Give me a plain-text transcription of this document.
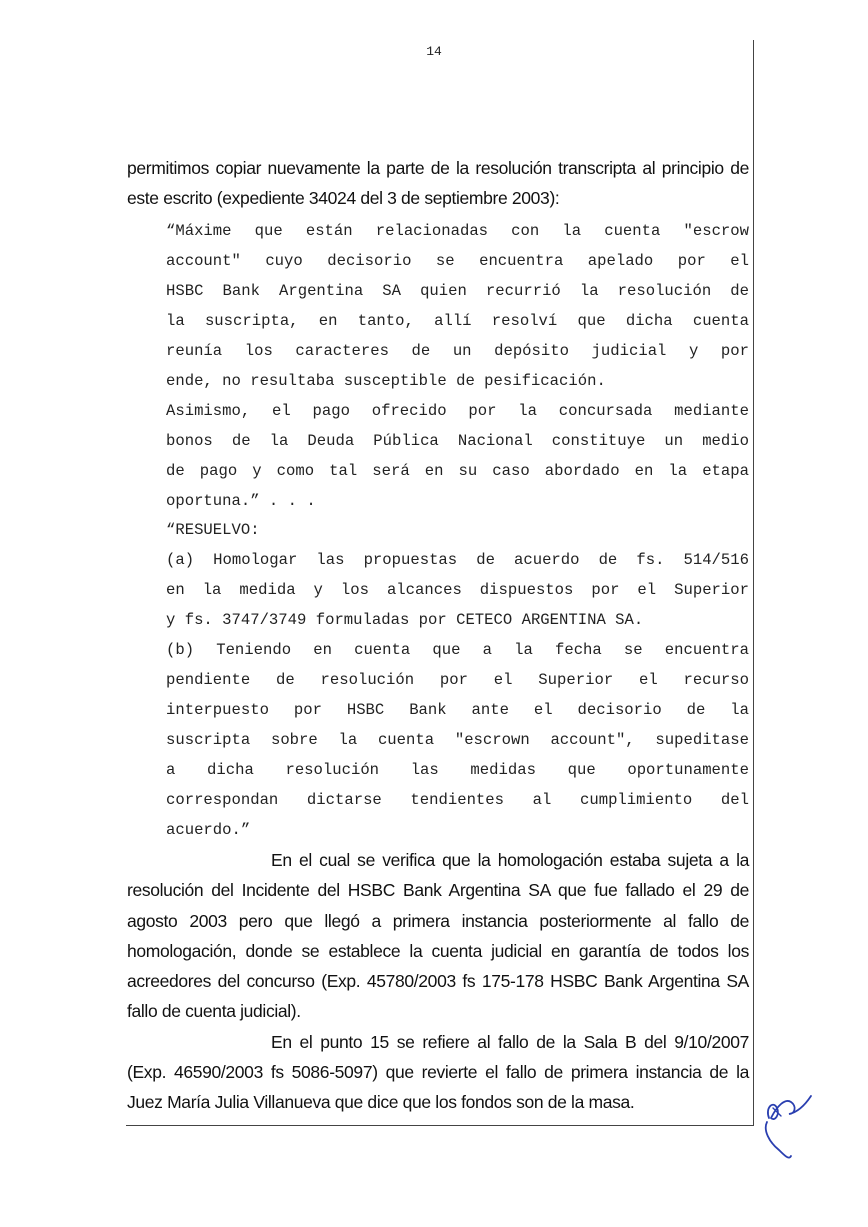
14
permitimos copiar nuevamente la parte de la resolución transcripta al principio de
este escrito (expediente 34024 del 3 de septiembre 2003):
“Máxime que están relacionadas con la cuenta "escrow
account" cuyo decisorio se encuentra apelado por el
HSBC Bank Argentina SA quien recurrió la resolución de
la suscripta, en tanto, allí resolví que dicha cuenta
reunía los caracteres de un depósito judicial y por
ende, no resultaba susceptible de pesificación.
Asimismo, el pago ofrecido por la concursada mediante
bonos de la Deuda Pública Nacional constituye un medio
de pago y como tal será en su caso abordado en la etapa
oportuna.” . . .
“RESUELVO:
(a) Homologar las propuestas de acuerdo de fs. 514/516
en la medida y los alcances dispuestos por el Superior
y fs. 3747/3749 formuladas por CETECO ARGENTINA SA.
(b) Teniendo en cuenta que a la fecha se encuentra
pendiente de resolución por el Superior el recurso
interpuesto por HSBC Bank ante el decisorio de la
suscripta sobre la cuenta "escrown account", supeditase
a dicha resolución las medidas que oportunamente
correspondan dictarse tendientes al cumplimiento del
acuerdo.”
En el cual se verifica que la homologación estaba sujeta a la
resolución del Incidente del HSBC Bank Argentina SA que fue fallado el 29 de
agosto 2003 pero que llegó a primera instancia posteriormente al fallo de
homologación, donde se establece la cuenta judicial en garantía de todos los
acreedores del concurso (Exp. 45780/2003 fs 175-178 HSBC Bank Argentina SA
fallo de cuenta judicial).
En el punto 15 se refiere al fallo de la Sala B del 9/10/2007
(Exp. 46590/2003 fs 5086-5097) que revierte el fallo de primera instancia de la
Juez María Julia Villanueva que dice que los fondos son de la masa.
